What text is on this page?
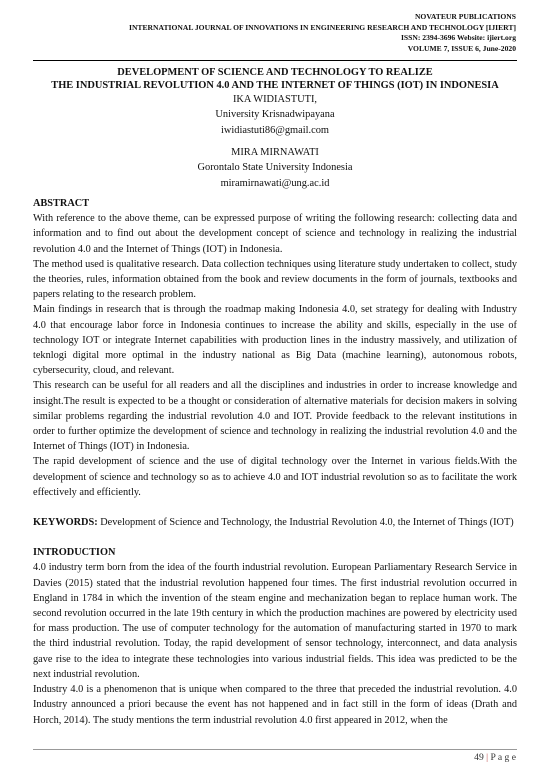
NOVATEUR PUBLICATIONS
INTERNATIONAL JOURNAL OF INNOVATIONS IN ENGINEERING RESEARCH AND TECHNOLOGY [IJIERT]
ISSN: 2394-3696 Website: ijiert.org
VOLUME 7, ISSUE 6, June-2020
DEVELOPMENT OF SCIENCE AND TECHNOLOGY TO REALIZE
THE INDUSTRIAL REVOLUTION 4.0 AND THE INTERNET OF THINGS (IOT) IN INDONESIA
IKA WIDIASTUTI,
University Krisnadwipayana
iwidiastuti86@gmail.com
MIRA MIRNAWATI
Gorontalo State University Indonesia
miramirnawati@ung.ac.id

ABSTRACT

With reference to the above theme, can be expressed purpose of writing the following research: collecting data and information and to find out about the development concept of science and technology in realizing the industrial revolution 4.0 and the Internet of Things (IOT) in Indonesia.

The method used is qualitative research. Data collection techniques using literature study undertaken to collect, study the theories, rules, information obtained from the book and review documents in the form of journals, textbooks and papers relating to the research problem.

Main findings in research that is through the roadmap making Indonesia 4.0, set strategy for dealing with Industry 4.0 that encourage labor force in Indonesia continues to increase the ability and skills, especially in the use of technology IOT or integrate Internet capabilities with production lines in the industry massively, and utilization of teknlogi digital more optimal in the industry national as Big Data (machine learning), autonomous robots, cybersecurity, cloud, and relevant.

This research can be useful for all readers and all the disciplines and industries in order to increase knowledge and insight.The result is expected to be a thought or consideration of alternative materials for decision makers in solving similar problems regarding the industrial revolution 4.0 and IOT. Provide feedback to the relevant institutions in order to further optimize the development of science and technology in realizing the industrial revolution 4.0 and the Internet of Things (IOT) in Indonesia.

The rapid development of science and the use of digital technology over the Internet in various fields.With the development of science and technology so as to achieve 4.0 and IOT industrial revolution so as to facilitate the work effectively and efficiently.

KEYWORDS: Development of Science and Technology, the Industrial Revolution 4.0, the Internet of Things (IOT)

INTRODUCTION

4.0 industry term born from the idea of the fourth industrial revolution. European Parliamentary Research Service in Davies (2015) stated that the industrial revolution happened four times. The first industrial revolution occurred in England in 1784 in which the invention of the steam engine and mechanization began to replace human work. The second revolution occurred in the late 19th century in which the production machines are powered by electricity used for mass production. The use of computer technology for the automation of manufacturing started in 1970 to mark the third industrial revolution. Today, the rapid development of sensor technology, interconnect, and data analysis gave rise to the idea to integrate these technologies into various industrial fields. This idea was predicted to be the next industrial revolution.

Industry 4.0 is a phenomenon that is unique when compared to the three that preceded the industrial revolution. 4.0 Industry announced a priori because the event has not happened and in fact still in the form of ideas (Drath and Horch, 2014). The study mentions the term industrial revolution 4.0 first appeared in 2012, when the

49 | P a g e
